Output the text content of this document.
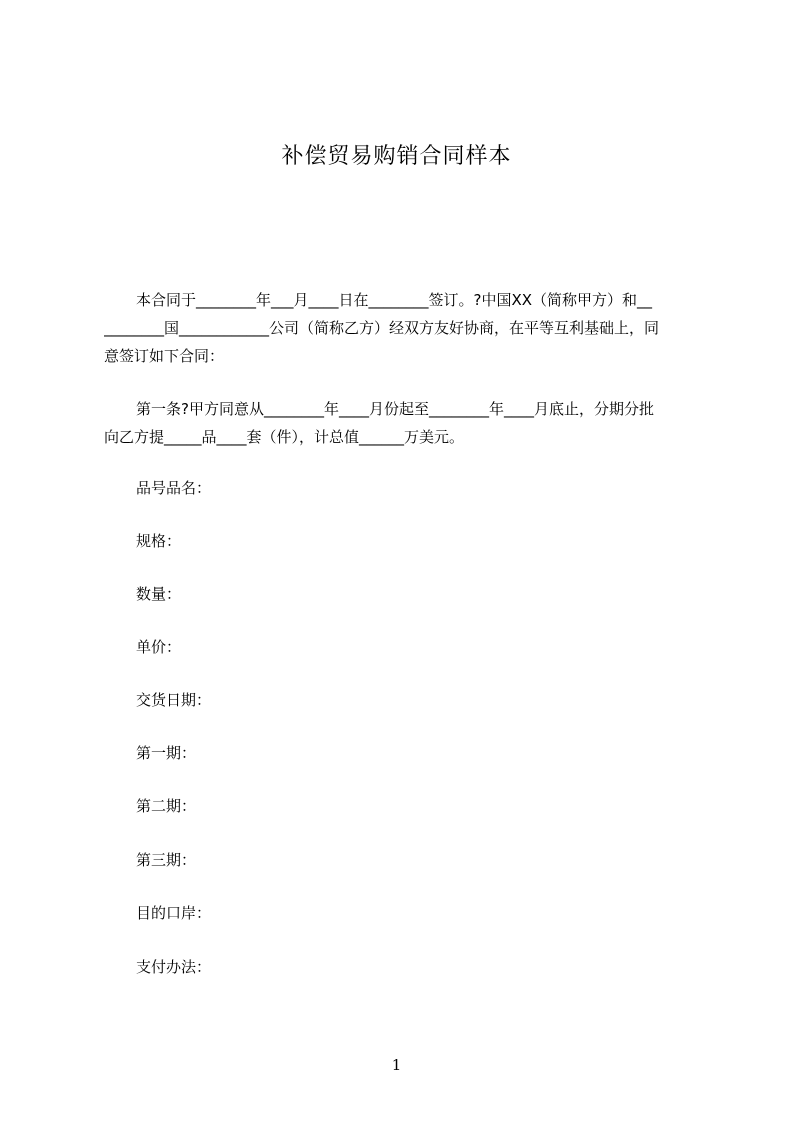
补偿贸易购销合同样本
本合同于________年___月____日在________签订。?中国XX（简称甲方）和__
________国____________公司（简称乙方）经双方友好协商，在平等互利基础上，同
意签订如下合同：
第一条?甲方同意从________年____月份起至________年____月底止，分期分批
向乙方提_____品____套（件），计总值______万美元。
品号品名：
规格：
数量：
单价：
交货日期：
第一期：
第二期：
第三期：
目的口岸：
支付办法：
1
